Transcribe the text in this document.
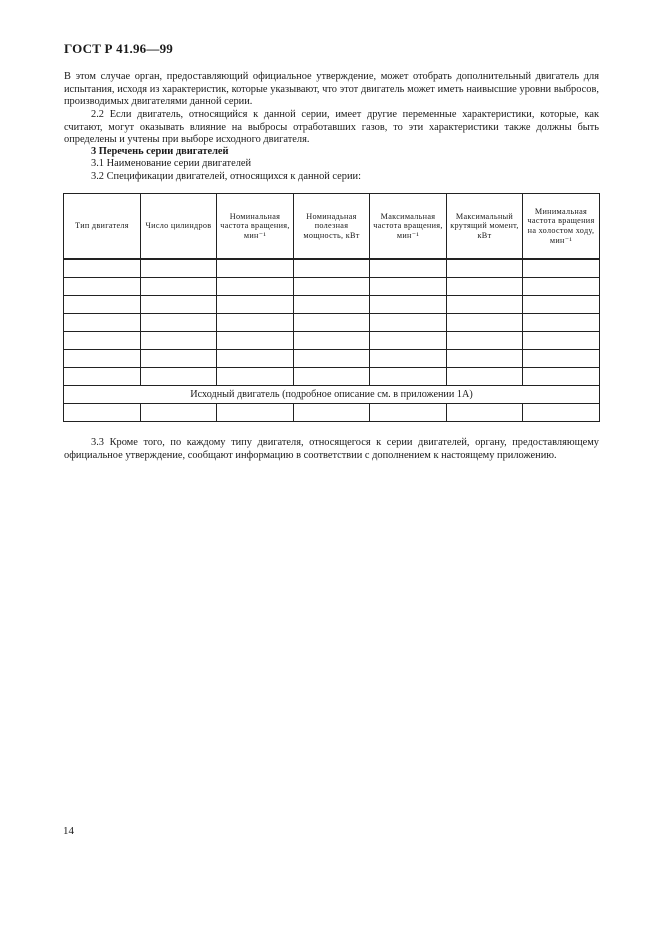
ГОСТ Р 41.96—99
В этом случае орган, предоставляющий официальное утверждение, может отобрать дополнительный двигатель для испытания, исходя из характеристик, которые указывают, что этот двигатель может иметь наивысшие уровни выбросов, производимых двигателями данной серии.
2.2 Если двигатель, относящийся к данной серии, имеет другие переменные характеристики, которые, как считают, могут оказывать влияние на выбросы отработавших газов, то эти характеристики также должны быть определены и учтены при выборе исходного двигателя.
3 Перечень серии двигателей
3.1 Наименование серии двигателей
3.2 Спецификации двигателей, относящихся к данной серии:
Тип двигателя	Число цилиндров	Номинальная частота вращения, мин⁻¹	Номинадьная полезная мощность, кВт	Максимальная частота вращения, мин⁻¹	Максимальный крутящий момент, кВт	Минимальная частота вращения на холостом ходу, мин⁻¹

Исходный двигатель (подробное описание см. в приложении 1А)						

3.3 Кроме того, по каждому типу двигателя, относящегося к серии двигателей, органу, предоставляющему официальное утверждение, сообщают информацию в соответствии с дополнением к настоящему приложению.
14
